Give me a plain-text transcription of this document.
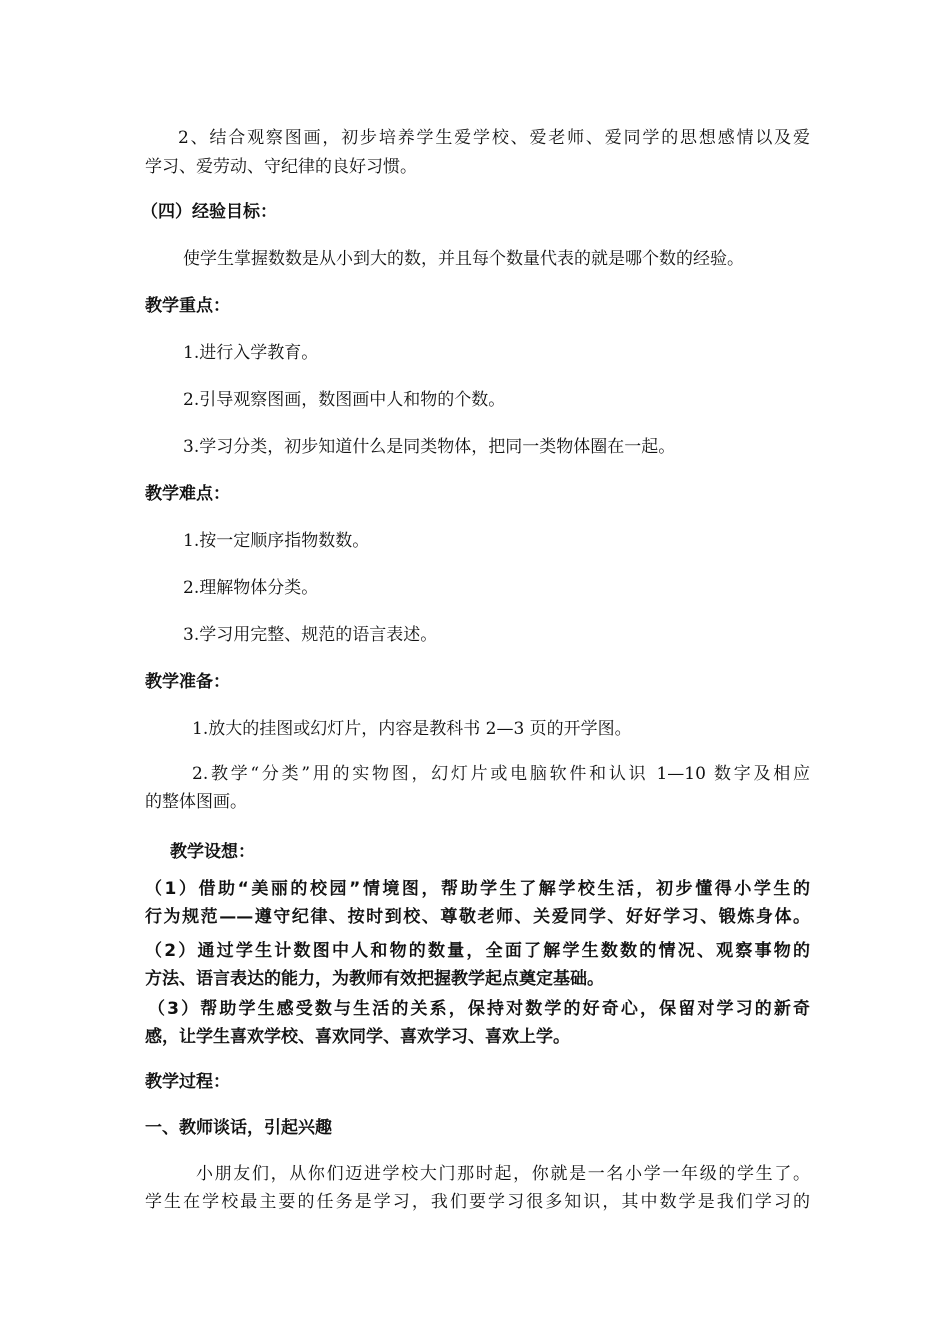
2、结合观察图画，初步培养学生爱学校、爱老师、爱同学的思想感情以及爱
学习、爱劳动、守纪律的良好习惯。
（四）经验目标：
使学生掌握数数是从小到大的数，并且每个数量代表的就是哪个数的经验。
教学重点：
1.进行入学教育。
2.引导观察图画，数图画中人和物的个数。
3.学习分类，初步知道什么是同类物体，把同一类物体圈在一起。
教学难点：
1.按一定顺序指物数数。
2.理解物体分类。
3.学习用完整、规范的语言表述。
教学准备：
1.放大的挂图或幻灯片，内容是教科书 2—3 页的开学图。
2.教学“分类”用的实物图，幻灯片或电脑软件和认识 1—10 数字及相应
的整体图画。
教学设想：
（1）借助“美丽的校园”情境图，帮助学生了解学校生活，初步懂得小学生的
行为规范——遵守纪律、按时到校、尊敬老师、关爱同学、好好学习、锻炼身体。
（2）通过学生计数图中人和物的数量，全面了解学生数数的情况、观察事物的
方法、语言表达的能力，为教师有效把握教学起点奠定基础。
（3）帮助学生感受数与生活的关系，保持对数学的好奇心，保留对学习的新奇
感，让学生喜欢学校、喜欢同学、喜欢学习、喜欢上学。
教学过程：
一、教师谈话，引起兴趣
小朋友们，从你们迈进学校大门那时起，你就是一名小学一年级的学生了。
学生在学校最主要的任务是学习，我们要学习很多知识，其中数学是我们学习的
